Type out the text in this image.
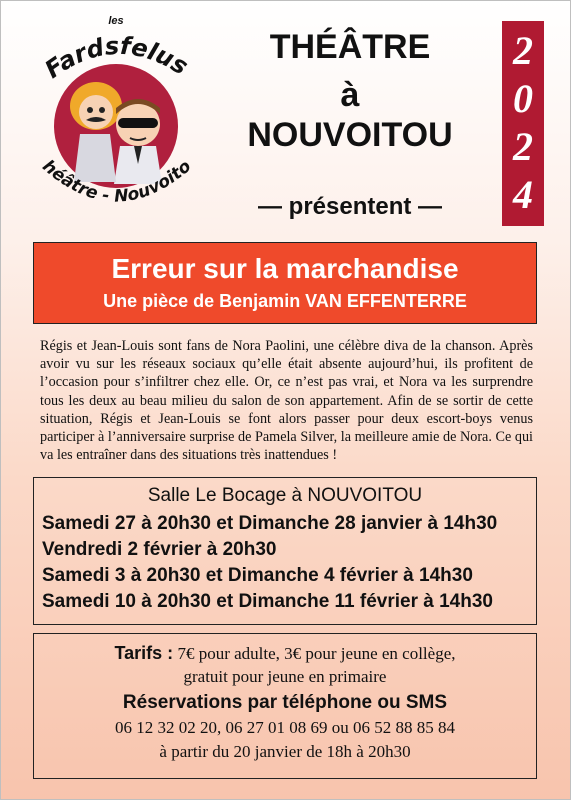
les
Fardsfelus
héâtre - Nouvoito
THÉÂTRE
à
NOUVOITOU
— présentent —
2
0
2
4
Erreur sur la marchandise
Une pièce de Benjamin VAN EFFENTERRE

Régis et Jean-Louis sont fans de Nora Paolini, une célèbre diva de la chanson. Après avoir vu sur les réseaux sociaux qu’elle était absente aujourd’hui, ils profitent de l’occasion pour s’infiltrer chez elle. Or, ce n’est pas vrai, et Nora va les surprendre tous les deux au beau milieu du salon de son appartement. Afin de se sortir de cette situation, Régis et Jean-Louis se font alors passer pour deux escort-boys venus participer à l’anniversaire surprise de Pamela Silver, la meilleure amie de Nora. Ce qui va les entraîner dans des situations très inattendues !

Salle Le Bocage à NOUVOITOU
Samedi 27 à 20h30 et Dimanche 28 janvier à 14h30
Vendredi 2 février à 20h30
Samedi 3 à 20h30 et Dimanche 4 février à 14h30
Samedi 10 à 20h30 et Dimanche 11 février à 14h30
Tarifs : 7€ pour adulte, 3€ pour jeune en collège,
gratuit pour jeune en primaire
Réservations par téléphone ou SMS
06 12 32 02 20, 06 27 01 08 69 ou 06 52 88 85 84
à partir du 20 janvier de 18h à 20h30
